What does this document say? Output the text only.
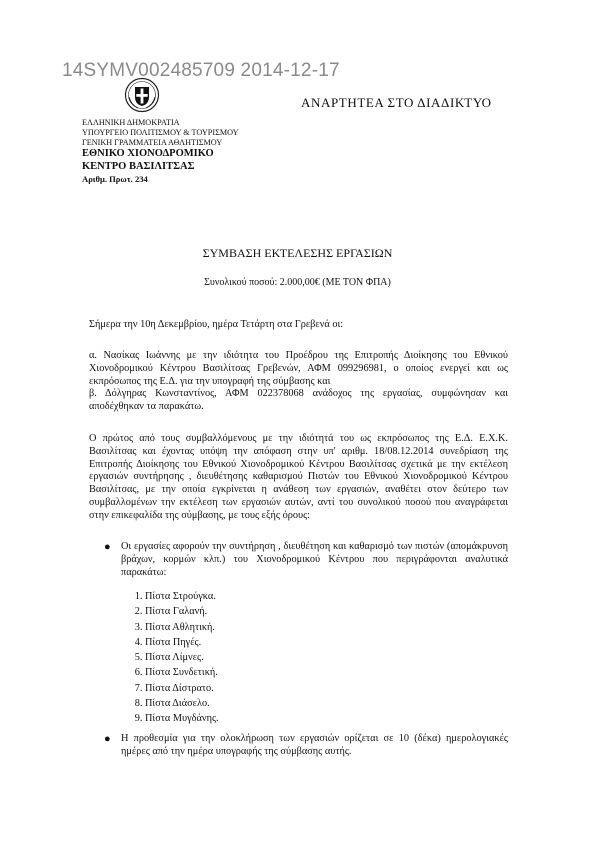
14SYMV002485709 2014-12-17
ΑΝΑΡΤΗΤΕΑ ΣΤΟ ΔΙΑΔΙΚΤΥΟ
ΕΛΛΗΝΙΚΗ ΔΗΜΟΚΡΑΤΙΑ
ΥΠΟΥΡΓΕΙΟ ΠΟΛΙΤΙΣΜΟΥ & ΤΟΥΡΙΣΜΟΥ
ΓΕΝΙΚΗ ΓΡΑΜΜΑΤΕΙΑ ΑΘΛΗΤΙΣΜΟΥ
ΕΘΝΙΚΟ ΧΙΟΝΟΔΡΟΜΙΚΟ
ΚΕΝΤΡΟ ΒΑΣΙΛΙΤΣΑΣ
Αριθμ. Πρωτ. 234
ΣΥΜΒΑΣΗ ΕΚΤΕΛΕΣΗΣ ΕΡΓΑΣΙΩΝ
Συνολικού ποσού: 2.000,00€ (ΜΕ ΤΟΝ ΦΠΑ)

Σήμερα την 10η Δεκεμβρίου, ημέρα Τετάρτη στα Γρεβενά οι:

α. Νασίκας Ιωάννης με την ιδιότητα του Προέδρου της Επιτροπής Διοίκησης του Εθνικού Χιονοδρομικού Κέντρου Βασιλίτσας Γρεβενών, ΑΦΜ 099296981, ο οποίος ενεργεί και ως εκπρόσωπος της Ε.Δ. για την υπογραφή της σύμβασης και

β. Δόλγηρας Κωνσταντίνος, ΑΦΜ 022378068 ανάδοχος της εργασίας, συμφώνησαν και αποδέχθηκαν τα παρακάτω.

Ο πρώτος από τους συμβαλλόμενους με την ιδιότητά του ως εκπρόσωπος της Ε.Δ. Ε.Χ.Κ. Βασιλίτσας και έχοντας υπόψη την απόφαση στην υπ' αριθμ. 18/08.12.2014 συνεδρίαση της Επιτροπής Διοίκησης του Εθνικού Χιονοδρομικού Κέντρου Βασιλίτσας σχετικά με την εκτέλεση εργασιών συντήρησης , διευθέτησης καθαρισμού Πιστών του Εθνικού Χιονοδρομικού Κέντρου Βασιλίτσας, με την οποία εγκρίνεται η ανάθεση των εργασιών, αναθέτει στον δεύτερο των συμβαλλομένων την εκτέλεση των εργασιών αυτών, αντί του συνολικού ποσού που αναγράφεται στην επικεφαλίδα της σύμβασης, με τους εξής όρους:

● Οι εργασίες αφορούν την συντήρηση , διευθέτηση και καθαρισμό των πιστών (απομάκρυνση βράχων, κορμών κλπ.) του Χιονοδρομικού Κέντρου που περιγράφονται αναλυτικά παρακάτω:
1. Πίστα Στρούγκα.
2. Πίστα Γαλανή.
3. Πίστα Αθλητική.
4. Πίστα Πηγές.
5. Πίστα Λίμνες.
6. Πίστα Συνδετική.
7. Πίστα Δίστρατο.
8. Πίστα Διάσελο.
9. Πίστα Μυγδάνης.
● Η προθεσμία για την ολοκλήρωση των εργασιών ορίζεται σε 10 (δέκα) ημερολογιακές ημέρες από την ημέρα υπογραφής της σύμβασης αυτής.
